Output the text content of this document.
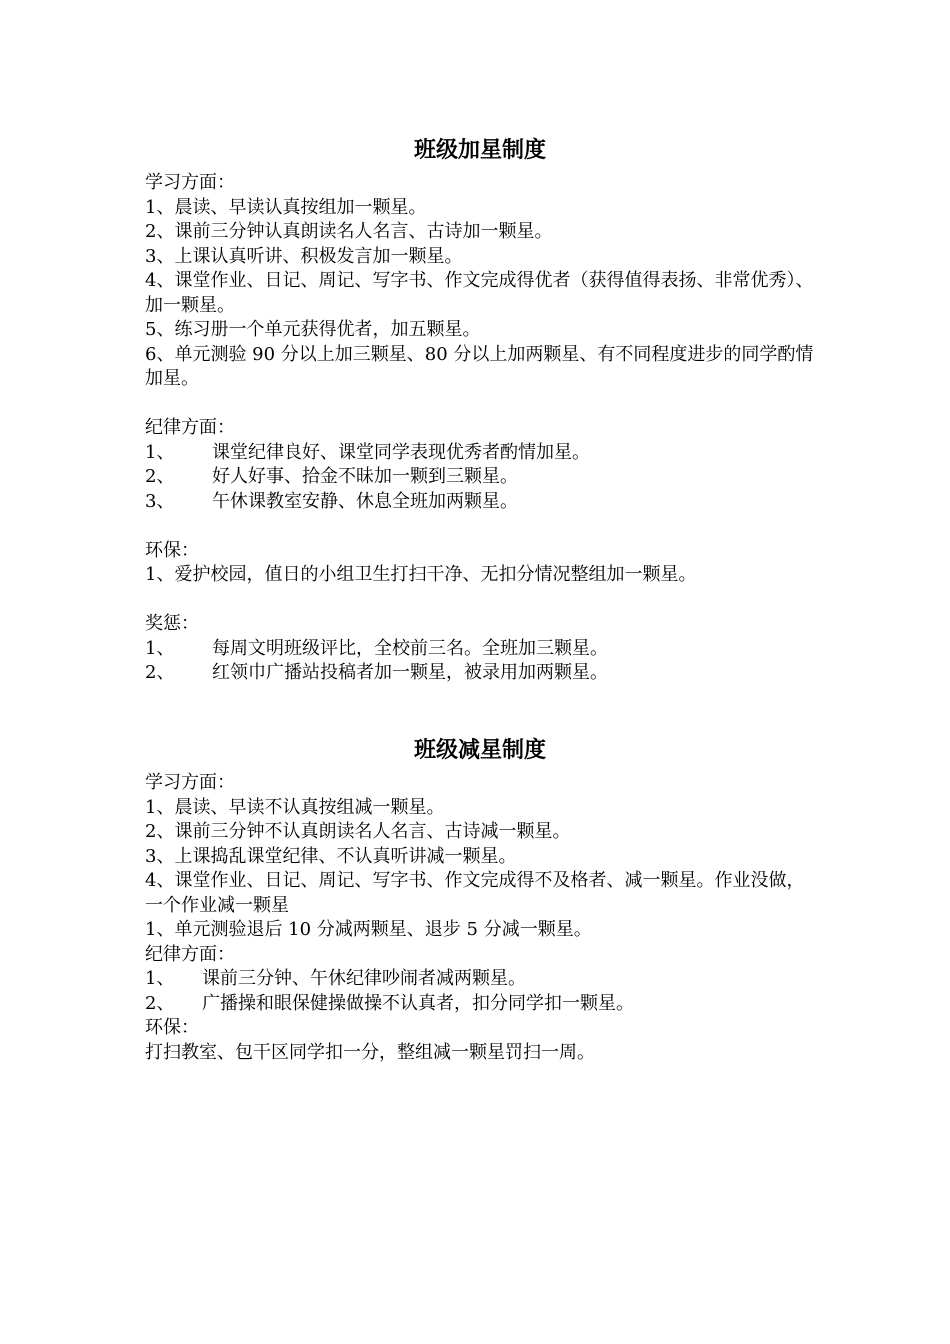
班级加星制度

学习方面：

1、晨读、早读认真按组加一颗星。

2、课前三分钟认真朗读名人名言、古诗加一颗星。

3、上课认真听讲、积极发言加一颗星。

4、课堂作业、日记、周记、写字书、作文完成得优者（获得值得表扬、非常优秀）、加一颗星。

5、练习册一个单元获得优者，加五颗星。

6、单元测验 90 分以上加三颗星、80 分以上加两颗星、有不同程度进步的同学酌情加星。

纪律方面：

1、	课堂纪律良好、课堂同学表现优秀者酌情加星。
2、	好人好事、拾金不昧加一颗到三颗星。
3、	午休课教室安静、休息全班加两颗星。

环保：

1、爱护校园，值日的小组卫生打扫干净、无扣分情况整组加一颗星。

奖惩：

1、	每周文明班级评比，全校前三名。全班加三颗星。
2、	红领巾广播站投稿者加一颗星，被录用加两颗星。
班级减星制度

学习方面：

1、晨读、早读不认真按组减一颗星。

2、课前三分钟不认真朗读名人名言、古诗减一颗星。

3、上课捣乱课堂纪律、不认真听讲减一颗星。

4、课堂作业、日记、周记、写字书、作文完成得不及格者、减一颗星。作业没做，一个作业减一颗星

1、单元测验退后 10 分减两颗星、退步 5 分减一颗星。

纪律方面：

1、	课前三分钟、午休纪律吵闹者减两颗星。
2、	广播操和眼保健操做操不认真者，扣分同学扣一颗星。

环保：

打扫教室、包干区同学扣一分，整组减一颗星罚扫一周。
